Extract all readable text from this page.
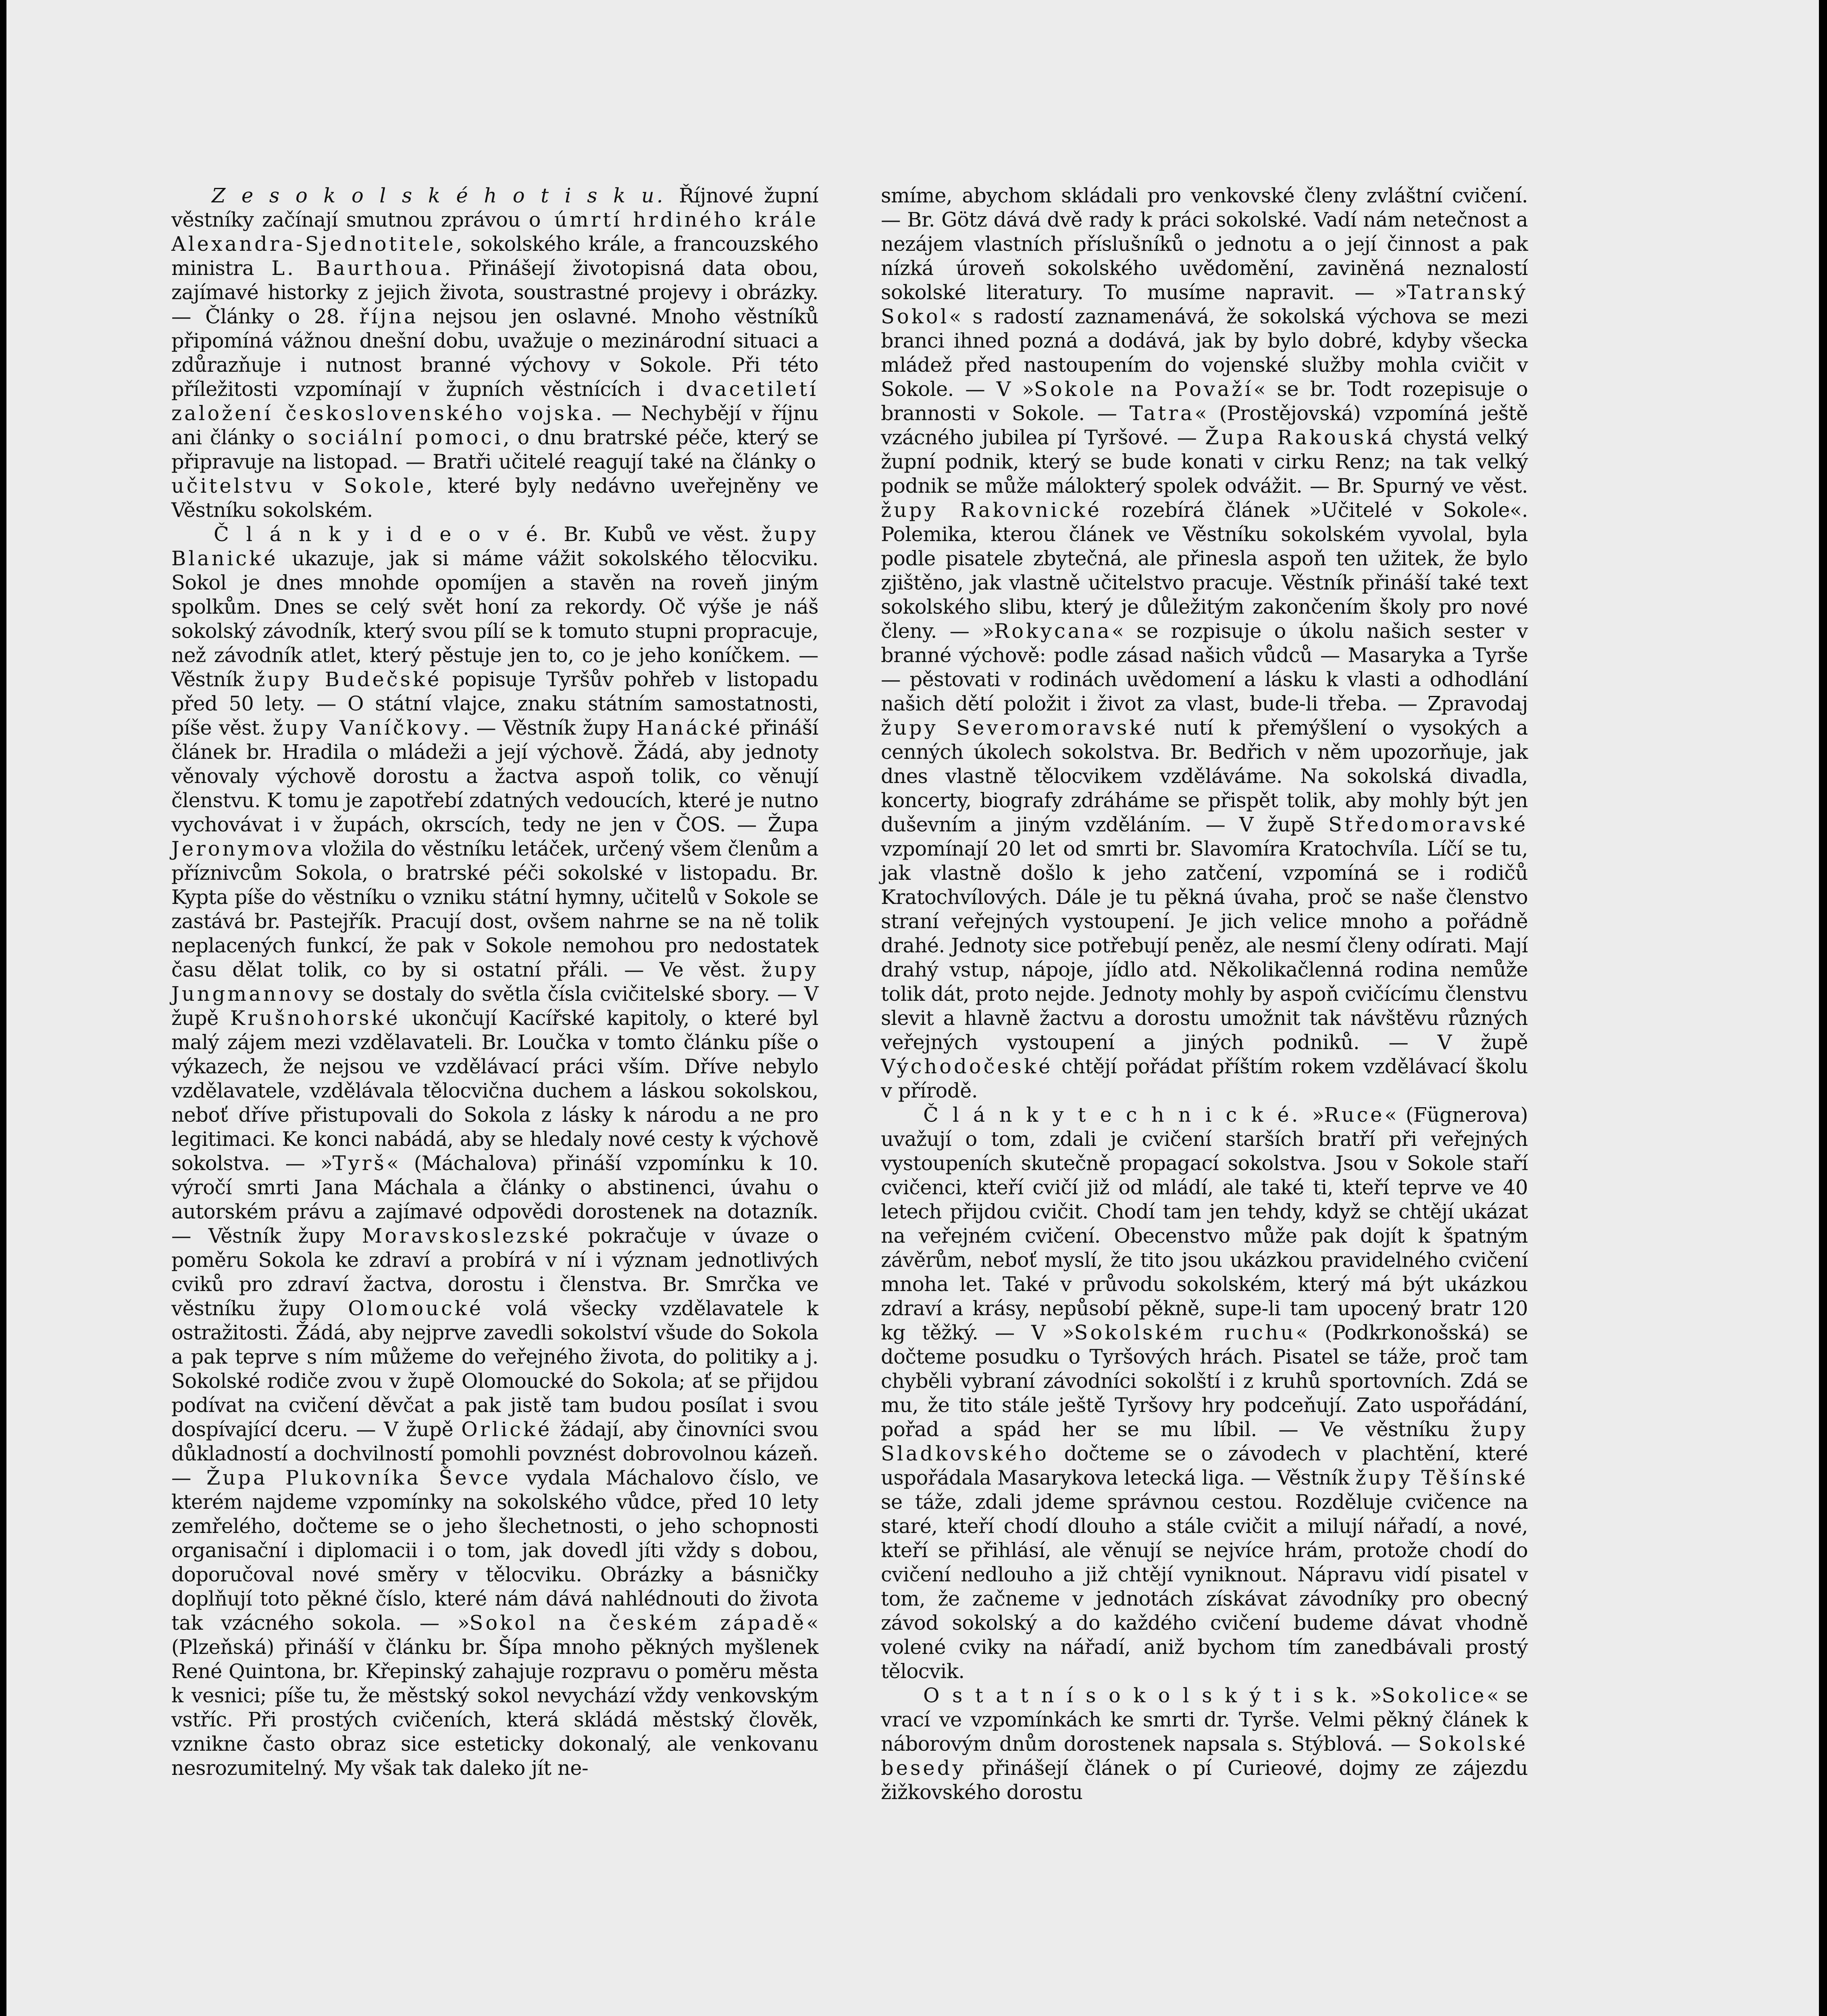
Z e s o k o l s k é h o t i s k u. Říjnové župní věstníky začínají smutnou zprávou o úmrtí hrdiného krále Alexandra-Sjednotitele, sokolského krále, a francouzského ministra L. Baurthoua. Přinášejí životopisná data obou, zajímavé historky z jejich života, soustrastné projevy i obrázky. — Články o 28. října nejsou jen oslavné. Mnoho věstníků připomíná vážnou dnešní dobu, uvažuje o mezinárodní situaci a zdůrazňuje i nutnost branné výchovy v Sokole. Při této příležitosti vzpomínají v župních věstnících i dvacetiletí založení československého vojska. — Nechybějí v říjnu ani články o sociální pomoci, o dnu bratrské péče, který se připravuje na listopad. — Bratři učitelé reagují také na články o učitelstvu v Sokole, které byly nedávno uveřejněny ve Věstníku sokolském.

Č l á n k y i d e o v é. Br. Kubů ve věst. župy Blanické ukazuje, jak si máme vážit sokolského tělocviku. Sokol je dnes mnohde opomíjen a stavěn na roveň jiným spolkům. Dnes se celý svět honí za rekordy. Oč výše je náš sokolský závodník, který svou pílí se k tomuto stupni propracuje, než závodník atlet, který pěstuje jen to, co je jeho koníčkem. — Věstník župy Budečské popisuje Tyršův pohřeb v listopadu před 50 lety. — O státní vlajce, znaku státním samostatnosti, píše věst. župy Vaníčkovy. — Věstník župy Hanácké přináší článek br. Hradila o mládeži a její výchově. Žádá, aby jednoty věnovaly výchově dorostu a žactva aspoň tolik, co věnují členstvu. K tomu je zapotřebí zdatných vedoucích, které je nutno vychovávat i v župách, okrscích, tedy ne jen v ČOS. — Župa Jeronymova vložila do věstníku letáček, určený všem členům a příznivcům Sokola, o bratrské péči sokolské v listopadu. Br. Kypta píše do věstníku o vzniku státní hymny, učitelů v Sokole se zastává br. Pastejřík. Pracují dost, ovšem nahrne se na ně tolik neplacených funkcí, že pak v Sokole nemohou pro nedostatek času dělat tolik, co by si ostatní přáli. — Ve věst. župy Jungmannovy se dostaly do světla čísla cvičitelské sbory. — V župě Krušnohorské ukončují Kacířské kapitoly, o které byl malý zájem mezi vzdělavateli. Br. Loučka v tomto článku píše o výkazech, že nejsou ve vzdělávací práci vším. Dříve nebylo vzdělavatele, vzdělávala tělocvična duchem a láskou sokolskou, neboť dříve přistupovali do Sokola z lásky k národu a ne pro legitimaci. Ke konci nabádá, aby se hledaly nové cesty k výchově sokolstva. — »Tyrš« (Máchalova) přináší vzpomínku k 10. výročí smrti Jana Máchala a články o abstinenci, úvahu o autorském právu a zajímavé odpovědi dorostenek na dotazník. — Věstník župy Moravskoslezské pokračuje v úvaze o poměru Sokola ke zdraví a probírá v ní i význam jednotlivých cviků pro zdraví žactva, dorostu i členstva. Br. Smrčka ve věstníku župy Olomoucké volá všecky vzdělavatele k ostražitosti. Žádá, aby nejprve zavedli sokolství všude do Sokola a pak teprve s ním můžeme do veřejného života, do politiky a j. Sokolské rodiče zvou v župě Olomoucké do Sokola; ať se přijdou podívat na cvičení děvčat a pak jistě tam budou posílat i svou dospívající dceru. — V župě Orlické žádají, aby činovníci svou důkladností a dochvilností pomohli povznést dobrovolnou kázeň. — Župa Plukovníka Ševce vydala Máchalovo číslo, ve kterém najdeme vzpomínky na sokolského vůdce, před 10 lety zemřelého, dočteme se o jeho šlechetnosti, o jeho schopnosti organisační i diplomacii i o tom, jak dovedl jíti vždy s dobou, doporučoval nové směry v tělocviku. Obrázky a básničky doplňují toto pěkné číslo, které nám dává nahlédnouti do života tak vzácného sokola. — »Sokol na českém západě« (Plzeňská) přináší v článku br. Šípa mnoho pěkných myšlenek René Quintona, br. Křepinský zahajuje rozpravu o poměru města k vesnici; píše tu, že městský sokol nevychází vždy venkovským vstříc. Při prostých cvičeních, která skládá městský člověk, vznikne často obraz sice esteticky dokonalý, ale venkovanu nesrozumitelný. My však tak daleko jít ne-

smíme, abychom skládali pro venkovské členy zvláštní cvičení. — Br. Götz dává dvě rady k práci sokolské. Vadí nám netečnost a nezájem vlastních příslušníků o jednotu a o její činnost a pak nízká úroveň sokolského uvědomění, zaviněná neznalostí sokolské literatury. To musíme napravit. — »Tatranský Sokol« s radostí zaznamenává, že sokolská výchova se mezi branci ihned pozná a dodává, jak by bylo dobré, kdyby všecka mládež před nastoupením do vojenské služby mohla cvičit v Sokole. — V »Sokole na Považí« se br. Todt rozepisuje o brannosti v Sokole. — Tatra« (Prostějovská) vzpomíná ještě vzácného jubilea pí Tyršové. — Župa Rakouská chystá velký župní podnik, který se bude konati v cirku Renz; na tak velký podnik se může málokterý spolek odvážit. — Br. Spurný ve věst. župy Rakovnické rozebírá článek »Učitelé v Sokole«. Polemika, kterou článek ve Věstníku sokolském vyvolal, byla podle pisatele zbytečná, ale přinesla aspoň ten užitek, že bylo zjištěno, jak vlastně učitelstvo pracuje. Věstník přináší také text sokolského slibu, který je důležitým zakončením školy pro nové členy. — »Rokycana« se rozpisuje o úkolu našich sester v branné výchově: podle zásad našich vůdců — Masaryka a Tyrše — pěstovati v rodinách uvědomení a lásku k vlasti a odhodlání našich dětí položit i život za vlast, bude-li třeba. — Zpravodaj župy Severomoravské nutí k přemýšlení o vysokých a cenných úkolech sokolstva. Br. Bedřich v něm upozorňuje, jak dnes vlastně tělocvikem vzděláváme. Na sokolská divadla, koncerty, biografy zdráháme se přispět tolik, aby mohly být jen duševním a jiným vzděláním. — V župě Středomoravské vzpomínají 20 let od smrti br. Slavomíra Kratochvíla. Líčí se tu, jak vlastně došlo k jeho zatčení, vzpomíná se i rodičů Kratochvílových. Dále je tu pěkná úvaha, proč se naše členstvo straní veřejných vystoupení. Je jich velice mnoho a pořádně drahé. Jednoty sice potřebují peněz, ale nesmí členy odírati. Mají drahý vstup, nápoje, jídlo atd. Několikačlenná rodina nemůže tolik dát, proto nejde. Jednoty mohly by aspoň cvičícímu členstvu slevit a hlavně žactvu a dorostu umožnit tak návštěvu různých veřejných vystoupení a jiných podniků. — V župě Východočeské chtějí pořádat příštím rokem vzdělávací školu v přírodě.

Č l á n k y t e c h n i c k é. »Ruce« (Fügnerova) uvažují o tom, zdali je cvičení starších bratří při veřejných vystoupeních skutečně propagací sokolstva. Jsou v Sokole staří cvičenci, kteří cvičí již od mládí, ale také ti, kteří teprve ve 40 letech přijdou cvičit. Chodí tam jen tehdy, když se chtějí ukázat na veřejném cvičení. Obecenstvo může pak dojít k špatným závěrům, neboť myslí, že tito jsou ukázkou pravidelného cvičení mnoha let. Také v průvodu sokolském, který má být ukázkou zdraví a krásy, nepůsobí pěkně, supe-li tam upocený bratr 120 kg těžký. — V »Sokolském ruchu« (Podkrkonošská) se dočteme posudku o Tyršových hrách. Pisatel se táže, proč tam chyběli vybraní závodníci sokolští i z kruhů sportovních. Zdá se mu, že tito stále ještě Tyršovy hry podceňují. Zato uspořádání, pořad a spád her se mu líbil. — Ve věstníku župy Sladkovského dočteme se o závodech v plachtění, které uspořádala Masarykova letecká liga. — Věstník župy Těšínské se táže, zdali jdeme správnou cestou. Rozděluje cvičence na staré, kteří chodí dlouho a stále cvičit a milují nářadí, a nové, kteří se přihlásí, ale věnují se nejvíce hrám, protože chodí do cvičení nedlouho a již chtějí vyniknout. Nápravu vidí pisatel v tom, že začneme v jednotách získávat závodníky pro obecný závod sokolský a do každého cvičení budeme dávat vhodně volené cviky na nářadí, aniž bychom tím zanedbávali prostý tělocvik.

O s t a t n í s o k o l s k ý t i s k. »Sokolice« se vrací ve vzpomínkách ke smrti dr. Tyrše. Velmi pěkný článek k náborovým dnům dorostenek napsala s. Stýblová. — Sokolské besedy přinášejí článek o pí Curieové, dojmy ze zájezdu žižkovského dorostu
